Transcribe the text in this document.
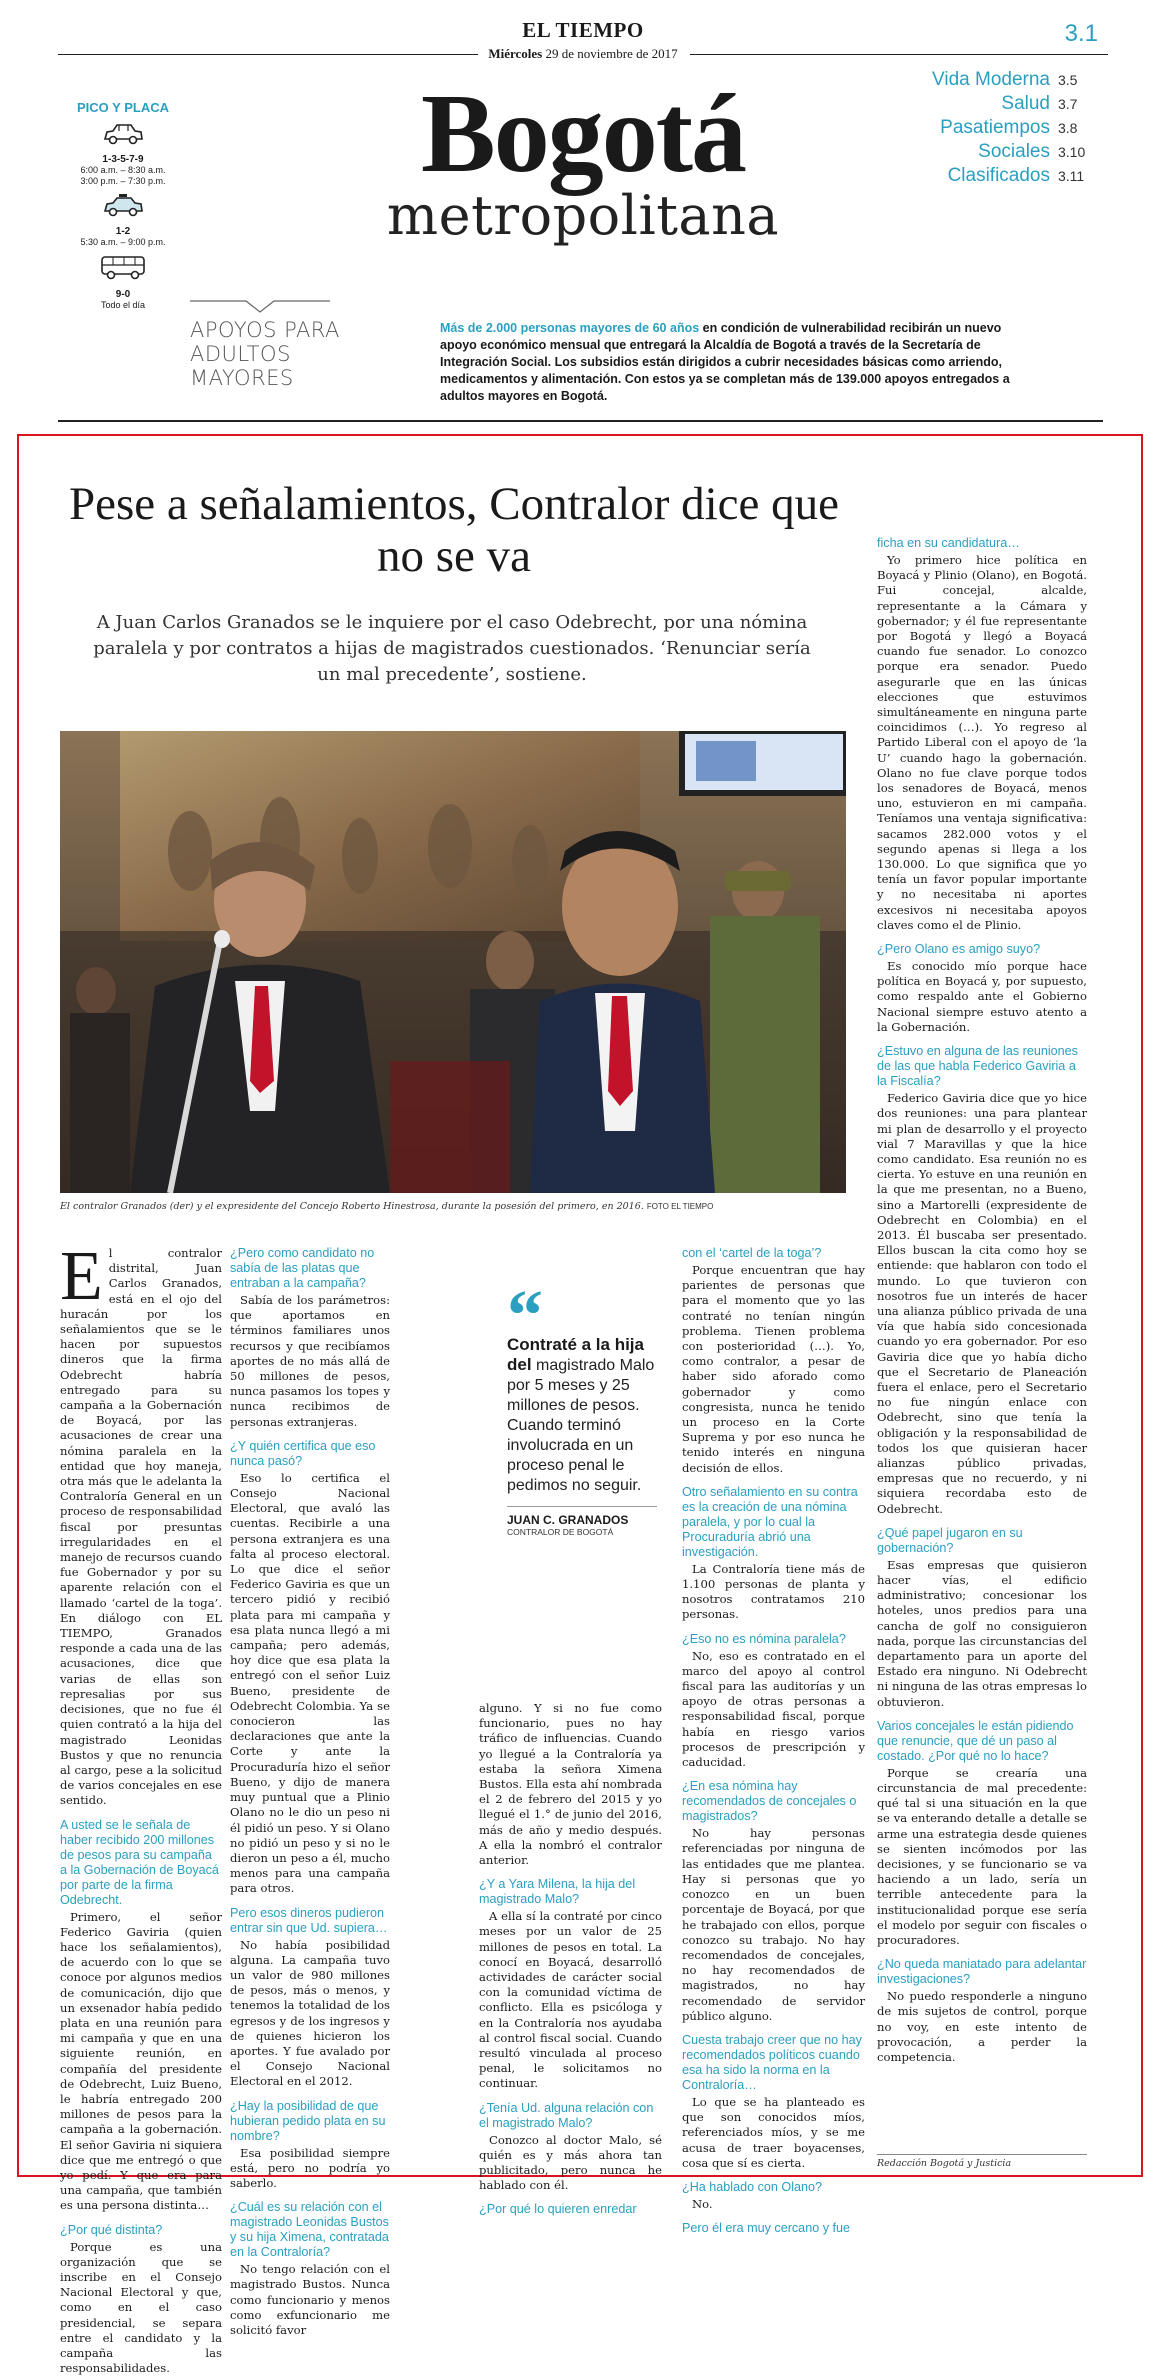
EL TIEMPO
Miércoles 29 de noviembre de 2017
3.1
Bogotá
metropolitana
Vida Moderna 3.5
Salud 3.7
Pasatiempos 3.8
Sociales 3.10
Clasificados 3.11
PICO Y PLACA
1-3-5-7-9
6:00 a.m. – 8:30 a.m.
3:00 p.m. – 7:30 p.m.
1-2
5:30 a.m. – 9:00 p.m.
9-0
Todo el día
APOYOS PARA ADULTOS MAYORES
Más de 2.000 personas mayores de 60 años en condición de vulnerabilidad recibirán un nuevo apoyo económico mensual que entregará la Alcaldía de Bogotá a través de la Secretaría de Integración Social. Los subsidios están dirigidos a cubrir necesidades básicas como arriendo, medicamentos y alimentación. Con estos ya se completan más de 139.000 apoyos entregados a adultos mayores en Bogotá.
Pese a señalamientos, Contralor dice que no se va
A Juan Carlos Granados se le inquiere por el caso Odebrecht, por una nómina paralela y por contratos a hijas de magistrados cuestionados. ‘Renunciar sería un mal precedente’, sostiene.
El contralor Granados (der) y el expresidente del Concejo Roberto Hinestrosa, durante la posesión del primero, en 2016. FOTO EL TIEMPO

El contralor distrital, Juan Carlos Granados, está en el ojo del huracán por los señalamientos que se le hacen por supuestos dineros que la firma Odebrecht habría entregado para su campaña a la Gobernación de Boyacá, por las acusaciones de crear una nómina paralela en la entidad que hoy maneja, otra más que le adelanta la Contraloría General en un proceso de responsabilidad fiscal por presuntas irregularidades en el manejo de recursos cuando fue Gobernador y por su aparente relación con el llamado ‘cartel de la toga’. En diálogo con EL TIEMPO, Granados responde a cada una de las acusaciones, dice que varias de ellas son represalias por sus decisiones, que no fue él quien contrató a la hija del magistrado Leonidas Bustos y que no renuncia al cargo, pese a la solicitud de varios concejales en ese sentido.

A usted se le señala de haber recibido 200 millones de pesos para su campaña a la Gobernación de Boyacá por parte de la firma Odebrecht.

Primero, el señor Federico Gaviria (quien hace los señalamientos), de acuerdo con lo que se conoce por algunos medios de comunicación, dijo que un exsenador había pedido plata en una reunión para mi campaña y que en una siguiente reunión, en compañía del presidente de Odebrecht, Luiz Bueno, le habría entregado 200 millones de pesos para la campaña a la gobernación. El señor Gaviria ni siquiera dice que me entregó o que yo pedí. Y que era para una campaña, que también es una persona distinta…

¿Por qué distinta?

Porque es una organización que se inscribe en el Consejo Nacional Electoral y que, como en el caso presidencial, se separa entre el candidato y la campaña las responsabilidades.

¿Pero como candidato no sabía de las platas que entraban a la campaña?

Sabía de los parámetros: que aportamos en términos familiares unos recursos y que recibíamos aportes de no más allá de 50 millones de pesos, nunca pasamos los topes y nunca recibimos de personas extranjeras.

¿Y quién certifica que eso nunca pasó?

Eso lo certifica el Consejo Nacional Electoral, que avaló las cuentas. Recibirle a una persona extranjera es una falta al proceso electoral. Lo que dice el señor Federico Gaviria es que un tercero pidió y recibió plata para mi campaña y esa plata nunca llegó a mi campaña; pero además, hoy dice que esa plata la entregó con el señor Luiz Bueno, presidente de Odebrecht Colombia. Ya se conocieron las declaraciones que ante la Corte y ante la Procuraduría hizo el señor Bueno, y dijo de manera muy puntual que a Plinio Olano no le dio un peso ni él pidió un peso. Y si Olano no pidió un peso y si no le dieron un peso a él, mucho menos para una campaña para otros.

Pero esos dineros pudieron entrar sin que Ud. supiera…

No había posibilidad alguna. La campaña tuvo un valor de 980 millones de pesos, más o menos, y tenemos la totalidad de los egresos y de los ingresos y de quienes hicieron los aportes. Y fue avalado por el Consejo Nacional Electoral en el 2012.

¿Hay la posibilidad de que hubieran pedido plata en su nombre?

Esa posibilidad siempre está, pero no podría yo saberlo.

¿Cuál es su relación con el magistrado Leonidas Bustos y su hija Ximena, contratada en la Contraloría?

No tengo relación con el magistrado Bustos. Nunca como funcionario y menos como exfuncionario me solicitó favor

“
Contraté a la hija del magistrado Malo por 5 meses y 25 millones de pesos. Cuando terminó involucrada en un proceso penal le pedimos no seguir.
JUAN C. GRANADOS
CONTRALOR DE BOGOTÁ

alguno. Y si no fue como funcionario, pues no hay tráfico de influencias. Cuando yo llegué a la Contraloría ya estaba la señora Ximena Bustos. Ella esta ahí nombrada el 2 de febrero del 2015 y yo llegué el 1.° de junio del 2016, más de año y medio después. A ella la nombró el contralor anterior.

¿Y a Yara Milena, la hija del magistrado Malo?

A ella sí la contraté por cinco meses por un valor de 25 millones de pesos en total. La conocí en Boyacá, desarrolló actividades de carácter social con la comunidad víctima de conflicto. Ella es psicóloga y en la Contraloría nos ayudaba al control fiscal social. Cuando resultó vinculada al proceso penal, le solicitamos no continuar.

¿Tenía Ud. alguna relación con el magistrado Malo?

Conozco al doctor Malo, sé quién es y más ahora tan publicitado, pero nunca he hablado con él.

¿Por qué lo quieren enredar
con el ‘cartel de la toga’?

Porque encuentran que hay parientes de personas que para el momento que yo las contraté no tenían ningún problema. Tienen problema con posterioridad (…). Yo, como contralor, a pesar de haber sido aforado como gobernador y como congresista, nunca he tenido un proceso en la Corte Suprema y por eso nunca he tenido interés en ninguna decisión de ellos.

Otro señalamiento en su contra es la creación de una nómina paralela, y por lo cual la Procuraduría abrió una investigación.

La Contraloría tiene más de 1.100 personas de planta y nosotros contratamos 210 personas.

¿Eso no es nómina paralela?

No, eso es contratado en el marco del apoyo al control fiscal para las auditorías y un apoyo de otras personas a responsabilidad fiscal, porque había en riesgo varios procesos de prescripción y caducidad.

¿En esa nómina hay recomendados de concejales o magistrados?

No hay personas referenciadas por ninguna de las entidades que me plantea. Hay si personas que yo conozco en un buen porcentaje de Boyacá, por que he trabajado con ellos, porque conozco su trabajo. No hay recomendados de concejales, no hay recomendados de magistrados, no hay recomendado de servidor público alguno.

Cuesta trabajo creer que no hay recomendados políticos cuando esa ha sido la norma en la Contraloría…

Lo que se ha planteado es que son conocidos míos, referenciados míos, y se me acusa de traer boyacenses, cosa que sí es cierta.

¿Ha hablado con Olano?

No.

Pero él era muy cercano y fue
ficha en su candidatura…

Yo primero hice política en Boyacá y Plinio (Olano), en Bogotá. Fui concejal, alcalde, representante a la Cámara y gobernador; y él fue representante por Bogotá y llegó a Boyacá cuando fue senador. Lo conozco porque era senador. Puedo asegurarle que en las únicas elecciones que estuvimos simultáneamente en ninguna parte coincidimos (…). Yo regreso al Partido Liberal con el apoyo de ‘la U’ cuando hago la gobernación. Olano no fue clave porque todos los senadores de Boyacá, menos uno, estuvieron en mi campaña. Teníamos una ventaja significativa: sacamos 282.000 votos y el segundo apenas si llega a los 130.000. Lo que significa que yo tenía un favor popular importante y no necesitaba ni aportes excesivos ni necesitaba apoyos claves como el de Plinio.

¿Pero Olano es amigo suyo?

Es conocido mío porque hace política en Boyacá y, por supuesto, como respaldo ante el Gobierno Nacional siempre estuvo atento a la Gobernación.

¿Estuvo en alguna de las reuniones de las que habla Federico Gaviria a la Fiscalía?

Federico Gaviria dice que yo hice dos reuniones: una para plantear mi plan de desarrollo y el proyecto vial 7 Maravillas y que la hice como candidato. Esa reunión no es cierta. Yo estuve en una reunión en la que me presentan, no a Bueno, sino a Martorelli (expresidente de Odebrecht en Colombia) en el 2013. Él buscaba ser presentado. Ellos buscan la cita como hoy se entiende: que hablaron con todo el mundo. Lo que tuvieron con nosotros fue un interés de hacer una alianza público privada de una vía que había sido concesionada cuando yo era gobernador. Por eso Gaviria dice que yo había dicho que el Secretario de Planeación fuera el enlace, pero el Secretario no fue ningún enlace con Odebrecht, sino que tenía la obligación y la responsabilidad de todos los que quisieran hacer alianzas público privadas, empresas que no recuerdo, y ni siquiera recordaba esto de Odebrecht.

¿Qué papel jugaron en su gobernación?

Esas empresas que quisieron hacer vías, el edificio administrativo; concesionar los hoteles, unos predios para una cancha de golf no consiguieron nada, porque las circunstancias del departamento para un aporte del Estado era ninguno. Ni Odebrecht ni ninguna de las otras empresas lo obtuvieron.

Varios concejales le están pidiendo que renuncie, que dé un paso al costado. ¿Por qué no lo hace?

Porque se crearía una circunstancia de mal precedente: qué tal si una situación en la que se va enterando detalle a detalle se arme una estrategia desde quienes se sienten incómodos por las decisiones, y se funcionario se va haciendo a un lado, sería un terrible antecedente para la institucionalidad porque ese sería el modelo por seguir con fiscales o procuradores.

¿No queda maniatado para adelantar investigaciones?

No puedo responderle a ninguno de mis sujetos de control, porque no voy, en este intento de provocación, a perder la competencia.

Redacción Bogotá y Justicia
